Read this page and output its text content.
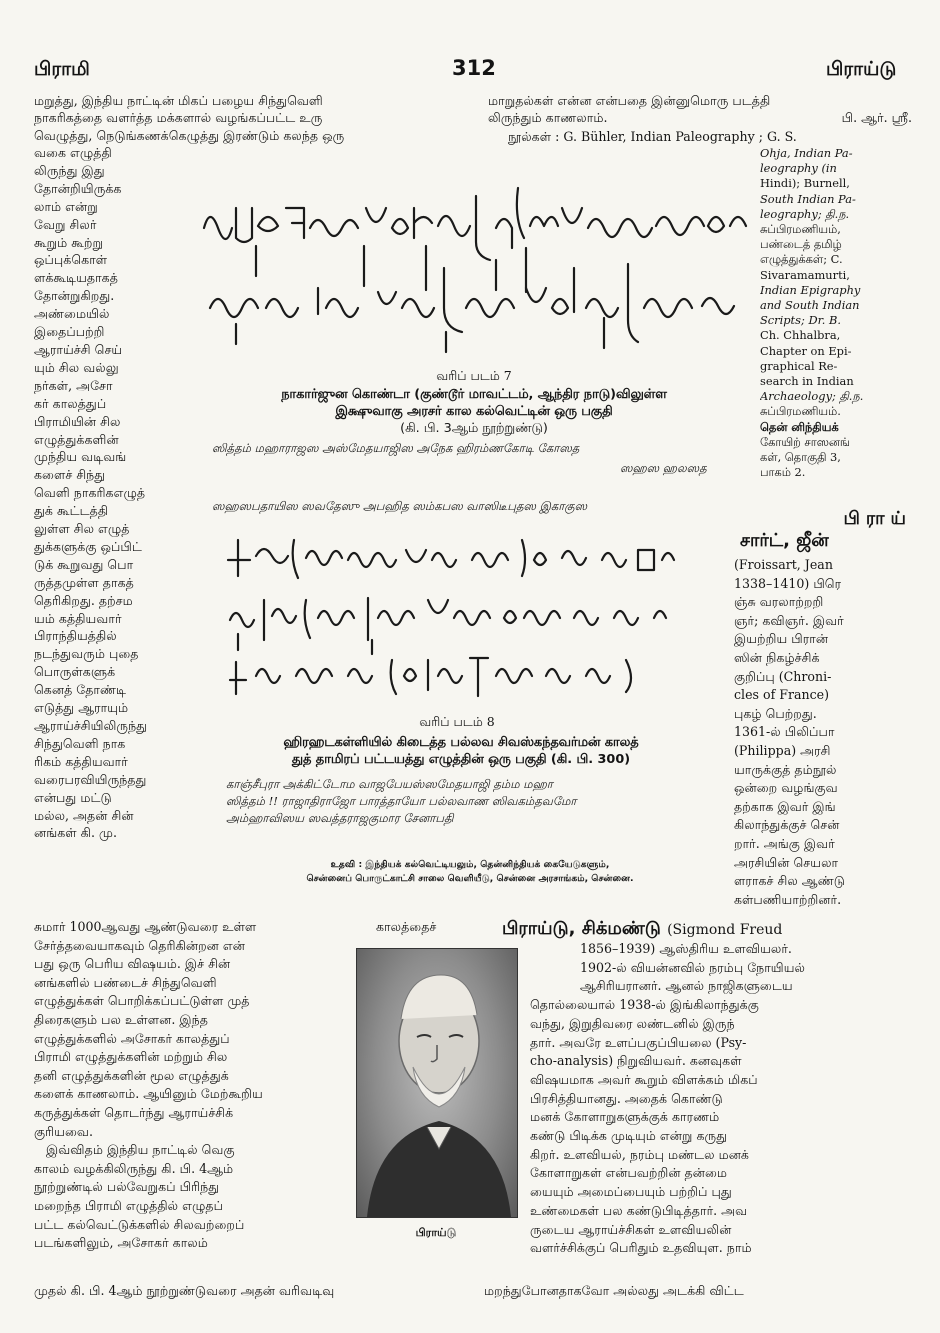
பிராமி	312	பிராய்டு
மறுத்து, இந்திய நாட்டின் மிகப் பழைய சிந்துவெளி
நாகரிகத்தை வளர்த்த மக்களால் வழங்கப்பட்ட உரு
வெழுத்து, நெடுங்கணக்கெழுத்து இரண்டும் கலந்த ஒரு
மாறுதல்கள் என்ன என்பதை இன்னுமொரு படத்தி
லிருந்தும் காணலாம்.	பி. ஆர். ஸ்ரீ.
நூல்கள் : G. Bühler, Indian Paleography ; G. S.
Ohja, Indian Pa-
leography (in
Hindi); Burnell,
South Indian Pa-
leography; தி.ந.
சுப்பிரமணியம்,
பண்டைத் தமிழ்
எழுத்துக்கள்; C.
Sivaramamurti,
Indian Epigraphy
and South Indian
Scripts; Dr. B.
Ch. Chhalbra,
Chapter on Epi-
graphical Re-
search in Indian
Archaeology; தி.ந.
சுப்பிரமணியம்.
தென் னிந்தியக்
கோயிற் சாஸனங்
கள், தொகுதி 3,
பாகம் 2.
வகை எழுத்தி
லிருந்து இது
தோன்றியிருக்க
லாம் என்று
வேறு சிலர்
கூறும் கூற்று
ஒப்புக்கொள்
ளக்கூடியதாகத்
தோன்றுகிறது.
அண்மையில்
இதைப்பற்றி
ஆராய்ச்சி செய்
யும் சில வல்லு
நர்கள், அசோ
கர் காலத்துப்
பிராமியின் சில
எழுத்துக்களின்
முந்திய வடிவங்
களைச் சிந்து
வெளி நாகரிகஎழுத்
துக் கூட்டத்தி
லுள்ள சில எழுத்
துக்களுக்கு ஒப்பிட்
டுக் கூறுவது பொ
ருத்தமுள்ள தாகத்
தெரிகிறது. தற்சம
யம் கத்தியவார்
பிராந்தியத்தில்
நடந்துவரும் புதை
பொருள்களுக்
கெனத் தோண்டி
எடுத்து ஆராயும்
ஆராய்ச்சியிலிருந்து
சிந்துவெளி நாக
ரிகம் கத்தியவார்
வரைபரவியிருந்தது
என்பது மட்டு
மல்ல, அதன் சின்
னங்கள் கி. மு.
வரிப் படம் 7
நாகார்ஜுன கொண்டா (குண்டூர் மாவட்டம், ஆந்திர நாடு)விலுள்ள
இக்ஷுவாகு அரசர் கால கல்வெட்டின் ஒரு பகுதி
(கி. பி. 3ஆம் நூற்றுண்டு)
ஸித்தம் மஹாராஜஸ அஸ்மேதயாஜிஸ அநேக ஹிரம்ணகோடி கோஸத
ஸஹஸ ஹலஸத
ஸஹஸபதாயிஸ ஸவதேஸு அபஹித ஸம்கபஸ வாஸிடீபுதஸ இகாகுஸ
வரிப் படம் 8
ஹிரஹடகள்ளியில் கிடைத்த பல்லவ சிவஸ்கந்தவர்மன் காலத்
துத் தாமிரப் பட்டயத்து எழுத்தின் ஒரு பகுதி (கி. பி. 300)
காஞ்சீபுரா அக்கிட்டோம வாஜபேயஸ்ஸமேதயாஜி தம்ம மஹா
ஸித்தம் !! ராஜாதிராஜோ பாரத்தாயோ பல்லவாண ஸிவகம்தவமோ
அம்ஹாவிஸய ஸவத்தராஜகுமார சேனாபதி
உதவி : இந்தியக் கல்வெட்டியலும், தென்னிந்தியக் கையேடுகளும்,
சென்னைப் பொருட்காட்சி சாலை வெளியீடு, சென்னை அரசாங்கம், சென்னை.
பிராய்
சார்ட், ஜீன்
(Froissart, Jean
1338–1410) பிரெ
ஞ்சு வரலாற்றறி
ஞர்; கவிஞர். இவர்
இயற்றிய பிரான்
ஸின் நிகழ்ச்சிக்
குறிப்பு (Chroni-
cles of France)
புகழ் பெற்றது.
1361-ல் பிலிப்பா
(Philippa) அரசி
யாருக்குத் தம்நூல்
ஒன்றை வழங்குவ
தற்காக இவர் இங்
கிலாந்துக்குச் சென்
றார். அங்கு இவர்
அரசியின் செயலா
ளராகச் சில ஆண்டு
கள்பணியாற்றினர்.
சுமார் 1000ஆவது ஆண்டுவரை உள்ள
சேர்த்தவையாகவும் தெரிகின்றன என்
பது ஒரு பெரிய விஷயம். இச் சின்
னங்களில் பண்டைச் சிந்துவெளி
எழுத்துக்கள் பொறிக்கப்பட்டுள்ள முத்
திரைகளும் பல உள்ளன. இந்த
எழுத்துக்களில் அசோகர் காலத்துப்
பிராமி எழுத்துக்களின் மற்றும் சில
தனி எழுத்துக்களின் மூல எழுத்துக்
களைக் காணலாம். ஆயினும் மேற்கூறிய
கருத்துக்கள் தொடர்ந்து ஆராய்ச்சிக்
குரியவை.
இவ்விதம் இந்திய நாட்டில் வெகு
காலம் வழக்கிலிருந்து கி. பி. 4ஆம்
நூற்றுண்டில் பல்வேறுகப் பிரிந்து
மறைந்த பிராமி எழுத்தில் எழுதப்
பட்ட கல்வெட்டுக்களில் சிலவற்றைப்
படங்களிலும், அசோகர் காலம்
முதல் கி. பி. 4ஆம் நூற்றுண்டுவரை அதன் வரிவடிவு
காலத்தைச்
பிராய்டு
பிராய்டு, சிக்மண்டு (Sigmond Freud
1856–1939) ஆஸ்திரிய உளவியலர்.
1902-ல் வியன்னவில் நரம்பு நோயியல்
ஆசிரியரானர். ஆனல் நாஜிகளுடைய
தொல்லையால் 1938-ல் இங்கிலாந்துக்கு
வந்து, இறுதிவரை லண்டனில் இருந்
தார். அவரே உளப்பகுப்பியலை (Psy-
cho-analysis) நிறுவியவர். கனவுகள்
விஷயமாக அவர் கூறும் விளக்கம் மிகப்
பிரசித்தியானது. அதைக் கொண்டு
மனக் கோளாறுகளுக்குக் காரணம்
கண்டு பிடிக்க முடியும் என்று கருது
கிறர். உளவியல், நரம்பு மண்டல மனக்
கோளாறுகள் என்பவற்றின் தன்மை
யையும் அமைப்பையும் பற்றிப் புது
உண்மைகள் பல கண்டுபிடித்தார். அவ
ருடைய ஆராய்ச்சிகள் உளவியலின்
வளர்ச்சிக்குப் பெரிதும் உதவியுள. நாம்
மறந்துபோனதாகவோ அல்லது அடக்கி விட்ட
